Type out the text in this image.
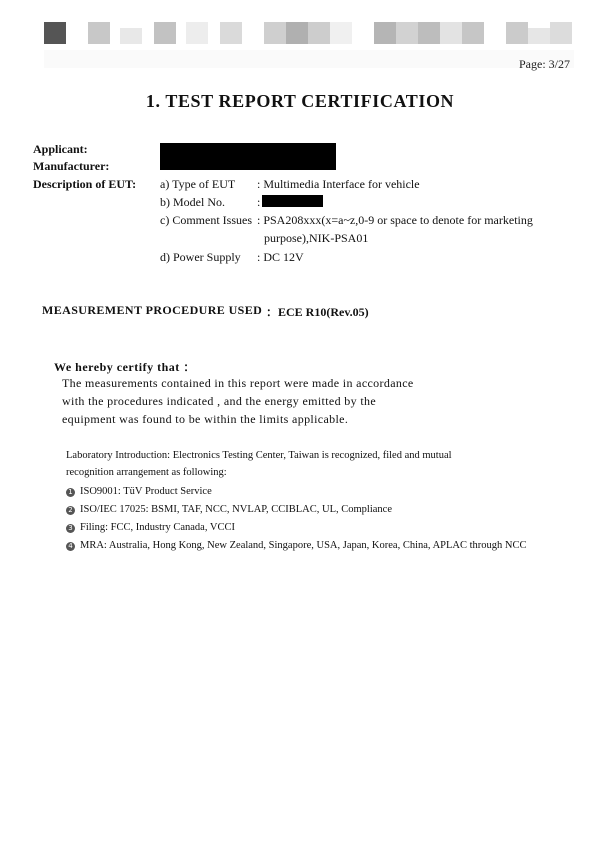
Page: 3/27
1. TEST REPORT CERTIFICATION
Applicant:
Manufacturer:
Description of EUT: a) Type of EUT : Multimedia Interface for vehicle
b) Model No.	:
c) Comment Issues : PSA208xxx(x=a~z,0-9 or space to denote for marketing
purpose),NIK-PSA01
d) Power Supply : DC 12V
MEASUREMENT PROCEDURE USED ：ECE R10(Rev.05)
We hereby certify that ：
The measurements contained in this report were made in accordance
with the procedures indicated , and the energy emitted by the
equipment was found to be within the limits applicable.
Laboratory Introduction: Electronics Testing Center, Taiwan is recognized, filed and mutual
recognition arrangement as following:
1 ISO9001: TüV Product Service
2 ISO/IEC 17025: BSMI, TAF, NCC, NVLAP, CCIBLAC, UL, Compliance
3 Filing: FCC, Industry Canada, VCCI
4 MRA: Australia, Hong Kong, New Zealand, Singapore, USA, Japan, Korea, China, APLAC through NCC
